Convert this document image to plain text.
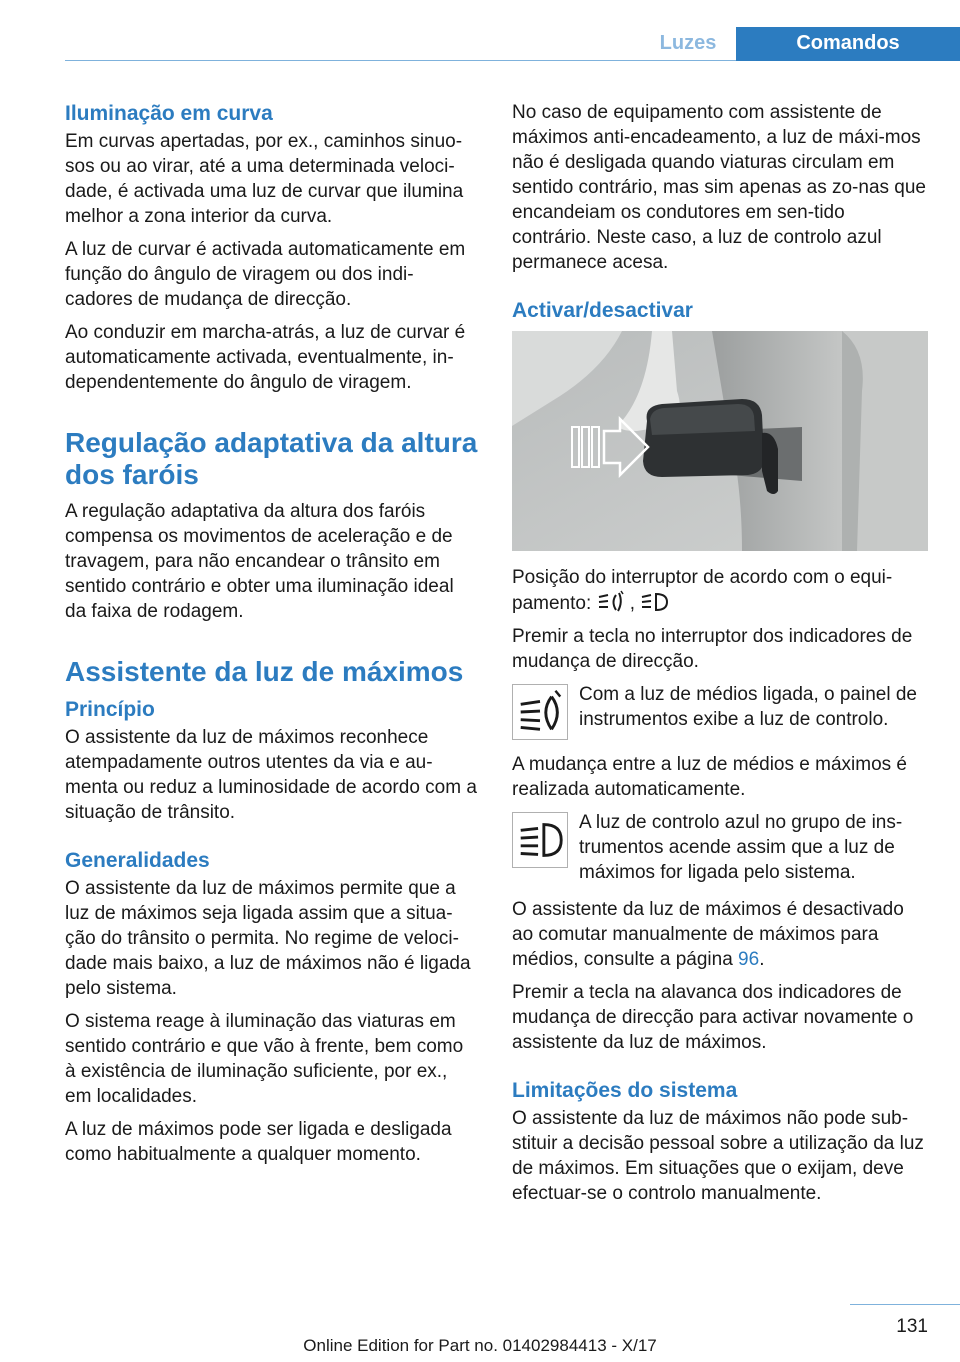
Luzes	Comandos
Iluminação em curva

Em curvas apertadas, por ex., caminhos sinuo‐sos ou ao virar, até a uma determinada veloci‐dade, é activada uma luz de curvar que ilumina melhor a zona interior da curva.

A luz de curvar é activada automaticamente em função do ângulo de viragem ou dos indi‐cadores de mudança de direcção.

Ao conduzir em marcha-atrás, a luz de curvar é automaticamente activada, eventualmente, in‐dependentemente do ângulo de viragem.

Regulação adaptativa da altura dos faróis

A regulação adaptativa da altura dos faróis compensa os movimentos de aceleração e de travagem, para não encandear o trânsito em sentido contrário e obter uma iluminação ideal da faixa de rodagem.

Assistente da luz de máximos
Princípio

O assistente da luz de máximos reconhece atempadamente outros utentes da via e au‐menta ou reduz a luminosidade de acordo com a situação de trânsito.

Generalidades

O assistente da luz de máximos permite que a luz de máximos seja ligada assim que a situa‐ção do trânsito o permita. No regime de veloci‐dade mais baixo, a luz de máximos não é ligada pelo sistema.

O sistema reage à iluminação das viaturas em sentido contrário e que vão à frente, bem como à existência de iluminação suficiente, por ex., em localidades.

A luz de máximos pode ser ligada e desligada como habitualmente a qualquer momento.

No caso de equipamento com assistente de máximos anti-encadeamento, a luz de máxi‐mos não é desligada quando viaturas circulam em sentido contrário, mas sim apenas as zo‐nas que encandeiam os condutores em sen‐tido contrário. Neste caso, a luz de controlo azul permanece acesa.

Activar/desactivar

Posição do interruptor de acordo com o equi‐pamento: ,

Premir a tecla no interruptor dos indicadores de mudança de direcção.

Com a luz de médios ligada, o painel de instrumentos exibe a luz de controlo.

A mudança entre a luz de médios e máximos é realizada automaticamente.

A luz de controlo azul no grupo de ins‐trumentos acende assim que a luz de máximos for ligada pelo sistema.

O assistente da luz de máximos é desactivado ao comutar manualmente de máximos para médios, consulte a página 96.

Premir a tecla na alavanca dos indicadores de mudança de direcção para activar novamente o assistente da luz de máximos.

Limitações do sistema

O assistente da luz de máximos não pode sub‐stituir a decisão pessoal sobre a utilização da luz de máximos. Em situações que o exijam, deve efectuar-se o controlo manualmente.

131
Online Edition for Part no. 01402984413 - X/17
